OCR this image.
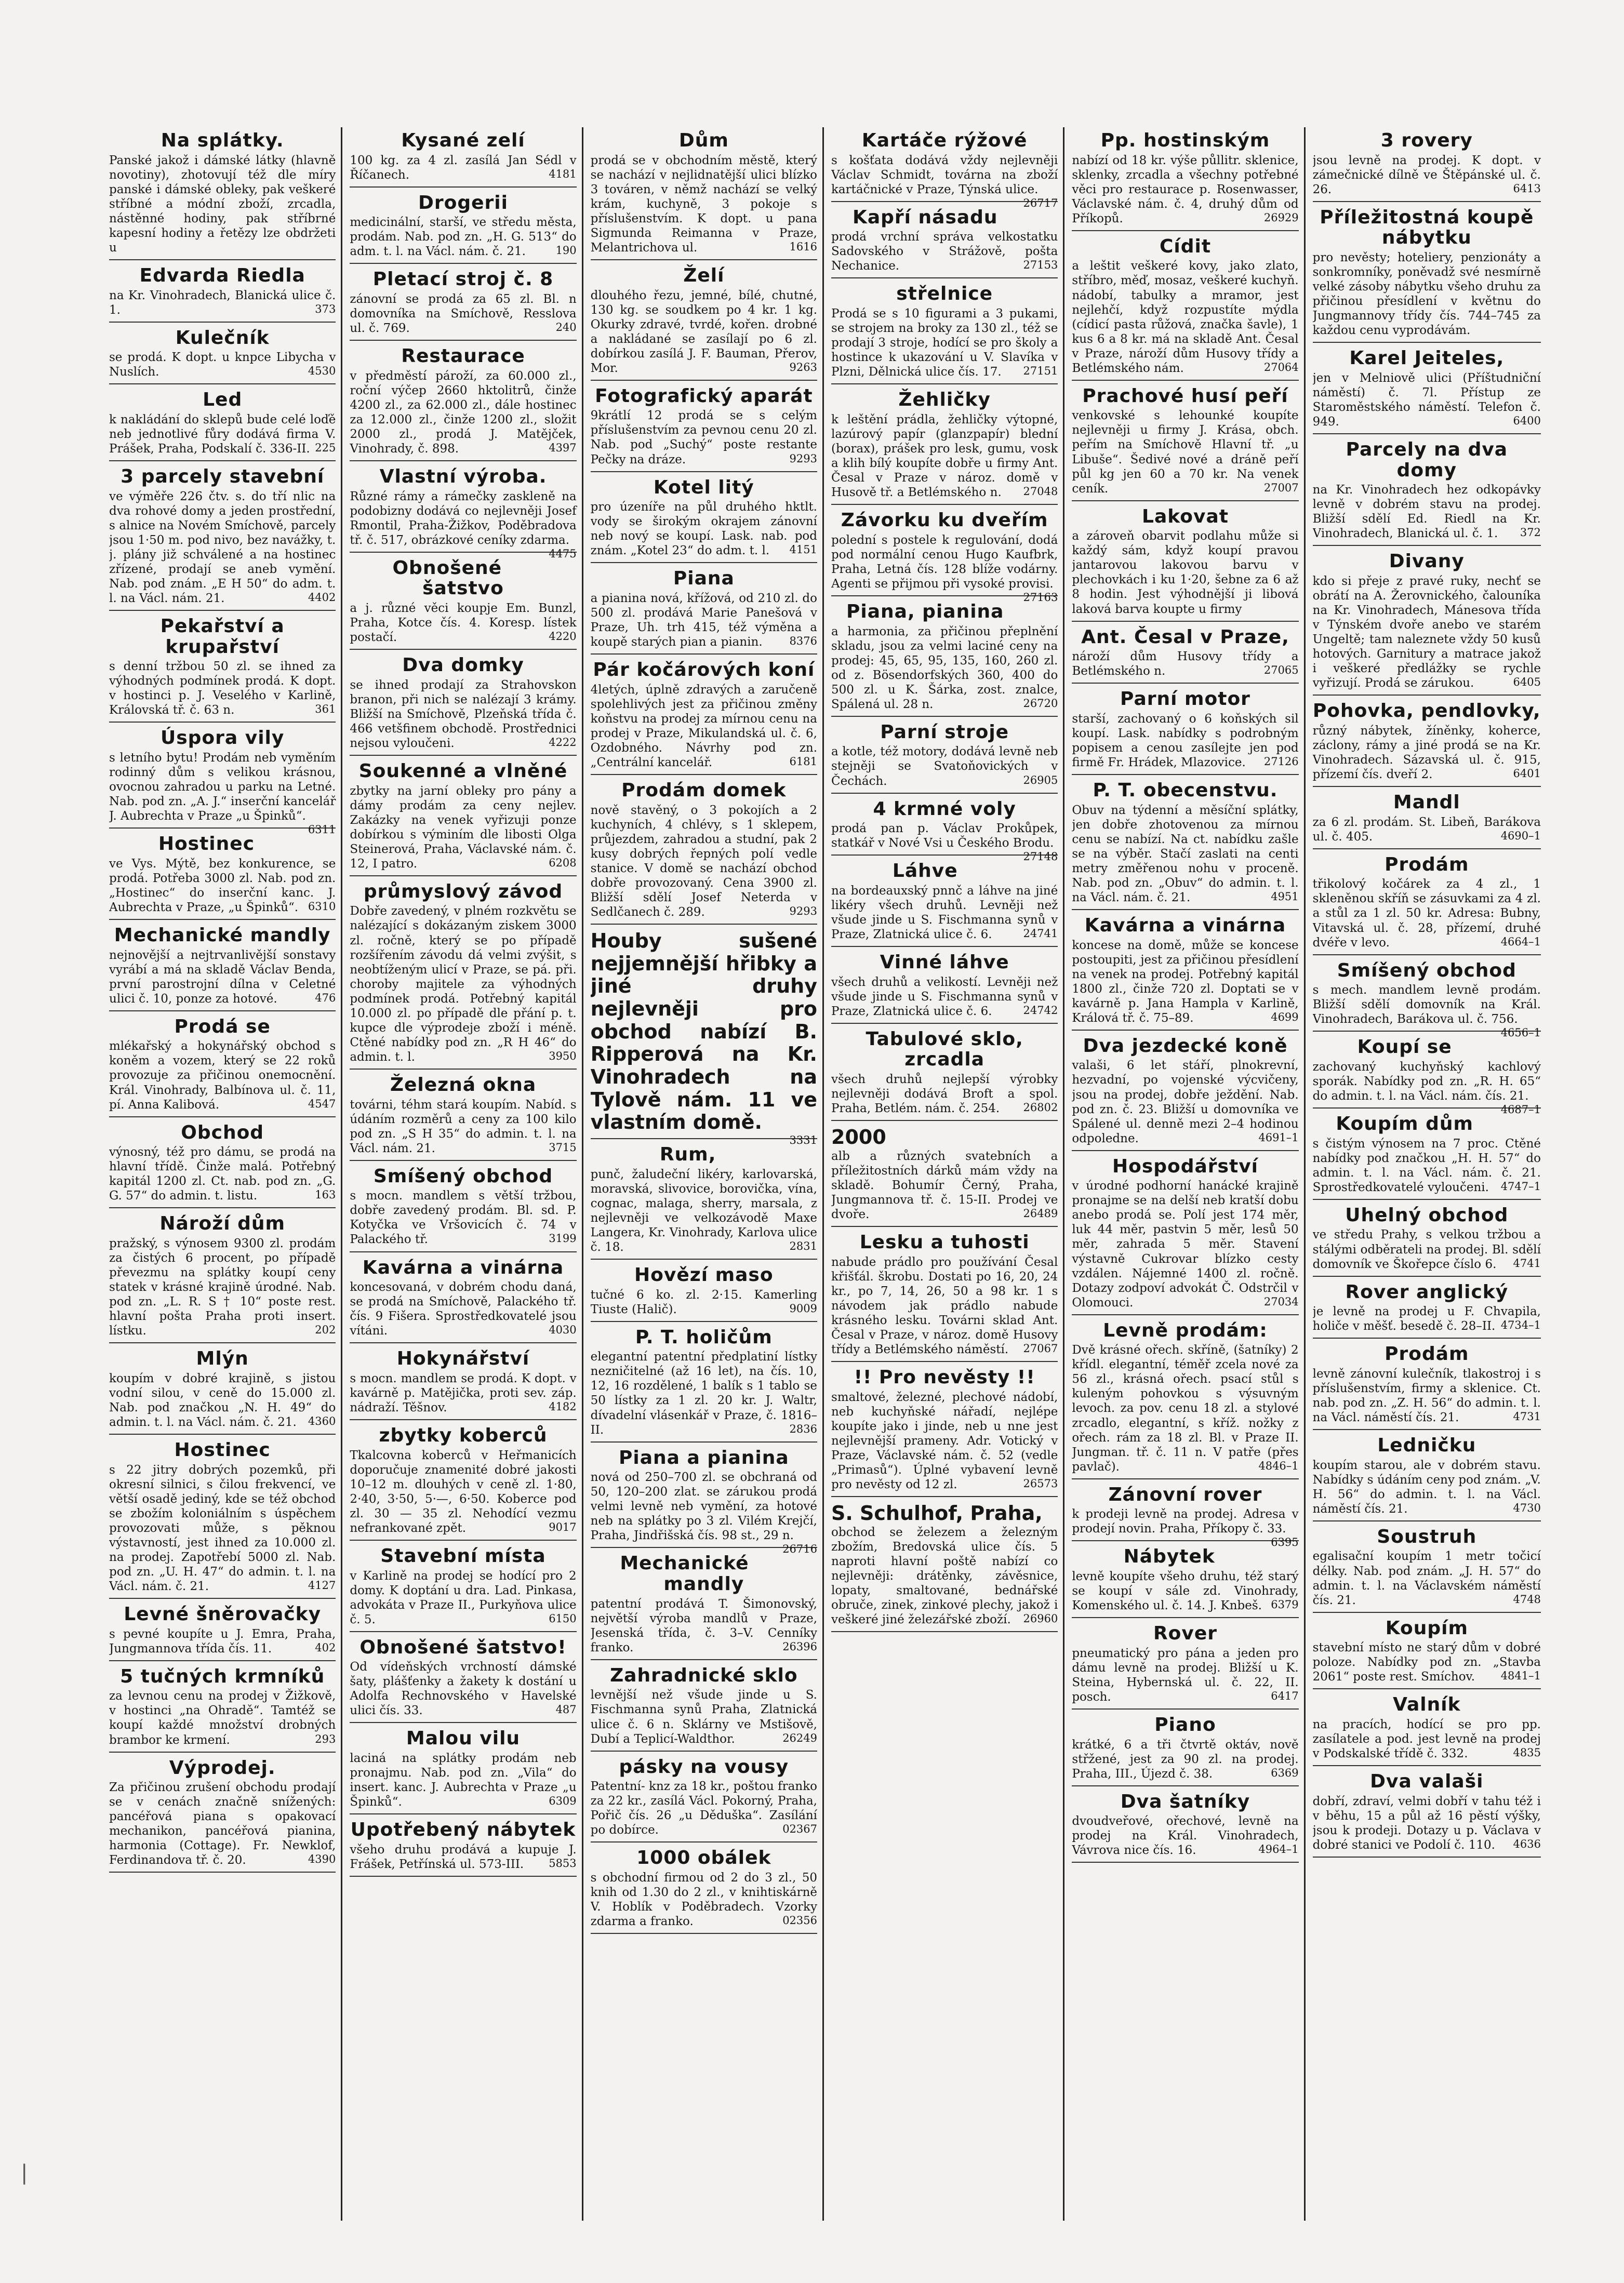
Na splátky.

Panské jakož i dámské látky (hlavně novotiny), zhotovují též dle míry panské i dámské obleky, pak veškeré stříbné a módní zboží, zrcadla, nástěnné hodiny, pak stříbrné kapesní hodiny a řetězy lze obdržeti u

Edvarda Riedla

na Kr. Vinohradech, Blanická ulice č. 1.	373

Kulečník

se prodá. K dopt. u knpce Libycha v Nuslích.	4530

Led

k nakládání do sklepů bude celé loďě neb jednotlivé fůry dodává firma V. Prášek, Praha, Podskalí č. 336-II. 225

3 parcely stavební

ve výměře 226 čtv. s. do tří nlic na dva rohové domy a jeden prostřední, s alnice na Novém Smíchově, parcely jsou 1·50 m. pod nivo, bez navážky, t. j. plány již schválené a na hostinec zřízené, prodají se aneb vymění. Nab. pod znám. „E H 50“ do adm. t. l. na Václ. nám. 21.	4402

Pekařství a krupařství

s denní tržbou 50 zl. se ihned za výhodných podmínek prodá. K dopt. v hostinci p. J. Veselého v Karlině, Královská tř. č. 63 n.	361

Úspora vily

s letního bytu! Prodám neb vyměním rodinný dům s velikou krásnou, ovocnou zahradou u parku na Letné. Nab. pod zn. „A. J.“ inserční kancelář J. Aubrechta v Praze „u Špinků“.
6311

Hostinec

ve Vys. Mýtě, bez konkurence, se prodá. Potřeba 3000 zl. Nab. pod zn. „Hostinec“ do inserční kanc. J. Aubrechta v Praze, „u Špinků“. 6310

Mechanické mandly

nejnovější a nejtrvanlivější sonstavy vyrábí a má na skladě Václav Benda, první parostrojní dílna v Celetné ulici č. 10, ponze za hotové.	476

Prodá se

mlékařský a hokynářský obchod s koněm a vozem, který se 22 roků provozuje za přičinou onemocnění. Král. Vinohrady, Balbínova ul. č. 11, pí. Anna Kalibová.	4547

Obchod

výnosný, též pro dámu, se prodá na hlavní třídě. Činže malá. Potřebný kapitál 1200 zl. Ct. nab. pod zn. „G. G. 57“ do admin. t. listu.	163

Nároží dům

pražský, s výnosem 9300 zl. prodám za čistých 6 procent, po případě převezmu na splátky koupí ceny statek v krásné krajině úrodné. Nab. pod zn. „L. R. S † 10“ poste rest. hlavní pošta Praha proti insert. lístku.	202

Mlýn

koupím v dobré krajině, s jistou vodní silou, v ceně do 15.000 zl. Nab. pod značkou „N. H. 49“ do admin. t. l. na Václ. nám. č. 21. 4360

Hostinec

s 22 jitry dobrých pozemků, při okresní silnici, s čilou frekvencí, ve větší osadě jediný, kde se též obchod se zbožím koloniálním s úspěchem provozovati může, s pěknou výstavností, jest ihned za 10.000 zl. na prodej. Zapotřebí 5000 zl. Nab. pod zn. „U. H. 47“ do admin. t. l. na Václ. nám. č. 21.	4127

Levné šněrovačky

s pevné koupíte u J. Emra, Praha, Jungmannova třída čís. 11.	402

5 tučných krmníků

za levnou cenu na prodej v Žižkově, v hostinci „na Ohradě“. Tamtéž se koupí každé množství drobných brambor ke krmení.	293

Výprodej.

Za přičinou zrušení obchodu prodají se v cenách značně snížených: pancéřová piana s opakovací mechanikon, pancéřová pianina, harmonia (Cottage). Fr. Newklof, Ferdinandova tř. č. 20.	4390

Kysané zelí

100 kg. za 4 zl. zasílá Jan Sédl v Říčanech.	4181

Drogerii

medicinální, starší, ve středu města, prodám. Nab. pod zn. „H. G. 513“ do adm. t. l. na Václ. nám. č. 21.	190

Pletací stroj č. 8

zánovní se prodá za 65 zl. Bl. n domovníka na Smíchově, Resslova ul. č. 769.	240

Restaurace

v předměstí pároží, za 60.000 zl., roční výčep 2660 hktolitrů, činže 4200 zl., za 62.000 zl., dále hostinec za 12.000 zl., činže 1200 zl., složit 2000 zl., prodá J. Matějček, Vinohrady, č. 898.	4397

Vlastní výroba.

Různé rámy a rámečky zaskleně na podobizny dodává co nejlevněji Josef Rmontil, Praha-Žižkov, Poděbradova tř. č. 517, obrázkové ceníky zdarma.
4475

Obnošené šatstvo

a j. různé věci koupje Em. Bunzl, Praha, Kotce čís. 4. Koresp. lístek postačí.	4220

Dva domky

se ihned prodají za Strahovskon branon, při nich se nalézají 3 krámy. Bližší na Smíchově, Plzeňská třída č. 466 vetšfinem obchodě. Prostřednici nejsou vyloučeni.	4222

Soukenné a vlněné

zbytky na jarní obleky pro pány a dámy prodám za ceny nejlev. Zakázky na venek vyřizuji ponze dobírkou s výminím dle libosti Olga Steinerová, Praha, Václavské nám. č. 12, I patro.	6208

průmyslový závod

Dobře zavedený, v plném rozkvětu se nalézající s dokázaným ziskem 3000 zl. ročně, který se po případě rozšířením závodu dá velmi zvýšit, s neobtíženým ulicí v Praze, se pá. při. choroby majitele za výhodných podmínek prodá. Potřebný kapitál 10.000 zl. po případě dle přání p. t. kupce dle výprodeje zboží i méně. Ctěné nabídky pod zn. „R H 46“ do admin. t. l.	3950

Železná okna

továrni, téhm stará koupím. Nabíd. s údáním rozměrů a ceny za 100 kilo pod zn. „S H 35“ do admin. t. l. na Václ. nám. 21.	3715

Smíšený obchod

s mocn. mandlem s větší tržbou, dobře zavedený prodám. Bl. sd. P. Kotyčka ve Vršovicích č. 74 v Palackého tř.	3199

Kavárna a vinárna

koncesovaná, v dobrém chodu daná, se prodá na Smíchově, Palackého tř. čís. 9 Fišera. Sprostředkovatelé jsou vítáni.	4030

Hokynářství

s mocn. mandlem se prodá. K dopt. v kavárně p. Matějička, proti sev. záp. nádraží. Těšnov.	4182

zbytky koberců

Tkalcovna koberců v Heřmanicích doporučuje znamenité dobré jakosti 10–12 m. dlouhých v ceně zl. 1·80, 2·40, 3·50, 5·—, 6·50. Koberce pod zl. 30 — 35 zl. Nehodící vezmu nefrankované zpět.	9017

Stavební místa

v Karlině na prodej se hodící pro 2 domy. K doptání u dra. Lad. Pinkasa, advokáta v Praze II., Purkyňova ulice č. 5.	6150

Obnošené šatstvo!

Od vídeňských vrchností dámské šaty, plášťenky a žakety k dostání u Adolfa Rechnovského v Havelské ulici čís. 33.	487

Malou vilu

laciná na splátky prodám neb pronajmu. Nab. pod zn. „Vila“ do insert. kanc. J. Aubrechta v Praze „u Špinků“.	6309

Upotřebený nábytek

všeho druhu prodává a kupuje J. Frášek, Petřínská ul. 573-III. 5853

Dům

prodá se v obchodním městě, který se nachází v nejlidnatější ulici blízko 3 továren, v němž nachází se velký krám, kuchyně, 3 pokoje s příslušenstvím. K dopt. u pana Sigmunda Reimanna v Praze, Melantrichova ul.	1616

Želí

dlouhého řezu, jemné, bílé, chutné, 130 kg. se soudkem po 4 kr. 1 kg. Okurky zdravé, tvrdé, kořen. drobné a nakládané se zasílají po 6 zl. dobírkou zasílá J. F. Bauman, Přerov, Mor.	9263

Fotografický aparát

9krátlí 12 prodá se s celým příslušenstvím za pevnou cenu 20 zl. Nab. pod „Suchý“ poste restante Pečky na dráze.	9293

Kotel litý

pro úzeníře na půl druhého hktlt. vody se širokým okrajem zánovní neb nový se koupí. Lask. nab. pod znám. „Kotel 23“ do adm. t. l. 4151

Piana

a pianina nová, křížová, od 210 zl. do 500 zl. prodává Marie Panešová v Praze, Uh. trh 415, též výměna a koupě starých pian a pianin. 8376

Pár kočárových koní

4letých, úplně zdravých a zaručeně spolehlivých jest za přičinou změny koňstvu na prodej za mírnou cenu na prodej v Praze, Mikulandská ul. č. 6, Ozdobného. Návrhy pod zn. „Centrální kancelář.	6181

Prodám domek

nově stavěný, o 3 pokojích a 2 kuchyních, 4 chlévy, s 1 sklepem, průjezdem, zahradou a studní, pak 2 kusy dobrých řepných polí vedle stanice. V domě se nachází obchod dobře provozovaný. Cena 3900 zl. Bližší sdělí Josef Neterda v Sedlčanech č. 289.	9293

Houby sušené nejjemnější hřibky a jiné druhy nejlevněji pro obchod nabízí B. Ripperová na Kr. Vinohradech na Tylově nám. 11 ve vlastním domě.

3331

Rum,

punč, žaludeční likéry, karlovarská, moravská, slivovice, borovička, vína, cognac, malaga, sherry, marsala, z nejlevněji ve velkozávodě Maxe Langera, Kr. Vinohrady, Karlova ulice č. 18.	2831

Hovězí maso

tučné 6 ko. zl. 2·15. Kamerling Tiuste (Halič).	9009

P. T. holičům

elegantní patentní předplatiní lístky nezničitelné (až 16 let), na čís. 10, 12, 16 rozdělené, 1 balík s 1 tablo se 50 lístky za 1 zl. 20 kr. J. Waltr, dívadelní vlásenkář v Praze, č. 1816–II.	2836

Piana a pianina

nová od 250–700 zl. se obchraná od 50, 120–200 zlat. se zárukou prodá velmi levně neb vymění, za hotové neb na splátky po 3 zl. Vilém Krejčí, Praha, Jindřišská čís. 98 st., 29 n.
26716

Mechanické mandly

patentní prodává T. Šimonovský, největší výroba mandlů v Praze, Jesenská třída, č. 3–V. Cenníky franko.	26396

Zahradnické sklo

levnější než všude jinde u S. Fischmanna synů Praha, Zlatnická ulice č. 6 n. Sklárny ve Mstišově, Dubí a Teplicí-Waldthor.	26249

pásky na vousy

Patentní- knz za 18 kr., poštou franko za 22 kr., zasílá Václ. Pokorný, Praha, Pořič čís. 26 „u Děduška“. Zasílání po dobírce.	02367

1000 obálek

s obchodní firmou od 2 do 3 zl., 50 knih od 1.30 do 2 zl., v knihtiskárně V. Hoblík v Poděbradech. Vzorky zdarma a franko.	02356

Kartáče rýžové

s košťata dodává vždy nejlevněji Václav Schmidt, továrna na zboží kartáčnické v Praze, Týnská ulice.
26717

Kapří násadu

prodá vrchní správa velkostatku Sadovského v Strážově, pošta Nechanice.	27153

střelnice

Prodá se s 10 figurami a 3 pukami, se strojem na broky za 130 zl., též se prodají 3 stroje, hodící se pro školy a hostince k ukazování u V. Slavíka v Plzni, Dělnická ulice čís. 17. 27151

Žehličky

k leštění prádla, žehličky výtopné, lazúrový papír (glanzpapír) blední (borax), prášek pro lesk, gumu, vosk a klih bílý koupíte dobře u firmy Ant. Česal v Praze v nároz. domě v Husově tř. a Betlémského n. 27048

Závorku ku dveřím

polední s postele k regulování, dodá pod normální cenou Hugo Kaufbrk, Praha, Letná čís. 128 blíže vodárny. Agenti se přijmou při vysoké provisi.
27163

Piana, pianina

a harmonia, za přičinou přeplnění skladu, jsou za velmi laciné ceny na prodej: 45, 65, 95, 135, 160, 260 zl. od z. Bösendorfských 360, 400 do 500 zl. u K. Šárka, zost. znalce, Spálená ul. 28 n.	26720

Parní stroje

a kotle, též motory, dodává levně neb stejněji se Svatoňovických v Čechách.	26905

4 krmné voly

prodá pan p. Václav Prokůpek, statkář v Nové Vsi u Českého Brodu.
27148

Láhve

na bordeauxský pnnč a láhve na jiné likéry všech druhů. Levněji než všude jinde u S. Fischmanna synů v Praze, Zlatnická ulice č. 6.	24741

Vinné láhve

všech druhů a velikostí. Levněji než všude jinde u S. Fischmanna synů v Praze, Zlatnická ulice č. 6.	24742

Tabulové sklo, zrcadla

všech druhů nejlepší výrobky nejlevněji dodává Broft a spol. Praha, Betlém. nám. č. 254. 26802

2000

alb a různých svatebních a příležitostních dárků mám vždy na skladě. Bohumír Černý, Praha, Jungmannova tř. č. 15-II. Prodej ve dvoře.	26489

Lesku a tuhosti

nabude prádlo pro používání Česal křišťál. škrobu. Dostati po 16, 20, 24 kr., po 7, 14, 26, 50 a 98 kr. 1 s návodem jak prádlo nabude krásného lesku. Továrni sklad Ant. Česal v Praze, v nároz. domě Husovy třídy a Betlémského náměstí. 27067

!! Pro nevěsty !!

smaltové, železné, plechové nádobí, neb kuchyňské nářadí, nejlépe koupíte jako i jinde, neb u nne jest nejlevnější prameny. Adr. Votický v Praze, Václavské nám. č. 52 (vedle „Primasů“). Úplné vybavení levně pro nevěsty od 12 zl.	26573

S. Schulhof, Praha,

obchod se železem a železným zbožím, Bredovská ulice čís. 5 naproti hlavní poště nabízí co nejlevněji: drátěnky, závěsnice, lopaty, smaltované, bednářské obruče, zinek, zinkové plechy, jakož i veškeré jiné železářské zboží. 26960

Pp. hostinským

nabízí od 18 kr. výše půllitr. sklenice, sklenky, zrcadla a všechny potřebné věci pro restaurace p. Rosenwasser, Václavské nám. č. 4, druhý dům od Příkopů.	26929

Cídit

a leštit veškeré kovy, jako zlato, stříbro, měď, mosaz, veškeré kuchyň. nádobí, tabulky a mramor, jest nejlehčí, když rozpustíte mýdla (cídicí pasta růžová, značka šavle), 1 kus 6 a 8 kr. má na skladě Ant. Česal v Praze, nároží dům Husovy třídy a Betlémského nám.	27064

Prachové husí peří

venkovské s lehounké koupíte nejlevněji u firmy J. Krása, obch. peřím na Smíchově Hlavní tř. „u Libuše“. Šedivé nové a dráně peří půl kg jen 60 a 70 kr. Na venek ceník.	27007

Lakovat

a zároveň obarvit podlahu může si každý sám, když koupí pravou jantarovou lakovou barvu v plechovkách i ku 1·20, šebne za 6 až 8 hodin. Jest výhodnější ji libová laková barva koupte u firmy

Ant. Česal v Praze,

nároží dům Husovy třídy a Betlémského n.	27065

Parní motor

starší, zachovaný o 6 koňských sil koupí. Lask. nabídky s podrobným popisem a cenou zasílejte jen pod firmě Fr. Hrádek, Mlazovice. 27126

P. T. obecenstvu.

Obuv na týdenní a měsíční splátky, jen dobře zhotovenou za mírnou cenu se nabízí. Na ct. nabídku zašle se na výběr. Stačí zaslati na centi metry změřenou nohu v proceně. Nab. pod zn. „Obuv“ do admin. t. l. na Václ. nám. č. 21.	4951

Kavárna a vinárna

koncese na domě, může se koncese postoupiti, jest za přičinou přesídlení na venek na prodej. Potřebný kapitál 1800 zl., činže 720 zl. Doptati se v kavárně p. Jana Hampla v Karlině, Králová tř. č. 75–89.	4699

Dva jezdecké koně

valaši, 6 let stáří, plnokrevní, hezvadní, po vojenské výcvičeny, jsou na prodej, dobře ježdění. Nab. pod zn. č. 23. Bližší u domovníka ve Spálené ul. denně mezi 2–4 hodinou odpoledne.	4691–1

Hospodářství

v úrodné podhorní hanácké krajině pronajme se na delší neb kratší dobu anebo prodá se. Polí jest 174 měr, luk 44 měr, pastvin 5 měr, lesů 50 měr, zahrada 5 měr. Stavení výstavně Cukrovar blízko cesty vzdálen. Nájemné 1400 zl. ročně. Dotazy zodpoví advokát Č. Odstrčil v Olomouci.	27034

Levně prodám:

Dvě krásné ořech. skříně, (šatníky) 2 křídl. elegantní, téměř zcela nové za 56 zl., krásná ořech. psací stůl s kuleným pohovkou s výsuvným levoch. za pov. cenu 18 zl. a stylové zrcadlo, elegantní, s kříž. nožky z ořech. rám za 18 zl. Bl. v Praze II. Jungman. tř. č. 11 n. V patře (přes pavlač).	4846–1

Zánovní rover

k prodeji levně na prodej. Adresa v prodejí novin. Praha, Příkopy č. 33.
6395

Nábytek

levně koupíte všeho druhu, též starý se koupí v sále zd. Vinohrady, Komenského ul. č. 14. J. Knbeš. 6379

Rover

pneumatický pro pána a jeden pro dámu levně na prodej. Bližší u K. Steina, Hybernská ul. č. 22, II. posch.	6417

Piano

krátké, 6 a tři čtvrtě oktáv, nově střžené, jest za 90 zl. na prodej. Praha, III., Újezd č. 38.	6369

Dva šatníky

dvoudveřové, ořechové, levně na prodej na Král. Vinohradech, Vávrova nice čís. 16.	4964–1

3 rovery

jsou levně na prodej. K dopt. v zámečnické dílně ve Štěpánské ul. č. 26.	6413

Příležitostná koupě nábytku

pro nevěsty; hoteliery, penzionáty a sonkromníky, poněvadž své nesmírně velké zásoby nábytku všeho druhu za přičinou přesídlení v květnu do Jungmannovy třídy čís. 744–745 za každou cenu vyprodávám.

Karel Jeiteles,

jen v Melniově ulici (Příštudniční náměstí) č. 7l. Přístup ze Staroměstského náměstí. Telefon č. 949.	6400

Parcely na dva domy

na Kr. Vinohradech hez odkopávky levně v dobrém stavu na prodej. Bližší sdělí Ed. Riedl na Kr. Vinohradech, Blanická ul. č. 1. 372

Divany

kdo si přeje z pravé ruky, nechť se obrátí na A. Žerovnického, čalouníka na Kr. Vinohradech, Mánesova třída v Týnském dvoře anebo ve starém Ungeltě; tam naleznete vždy 50 kusů hotových. Garnitury a matrace jakož i veškeré předlážky se rychle vyřizují. Prodá se zárukou.	6405

Pohovka, pendlovky,

různý nábytek, žíněnky, koherce, záclony, rámy a jiné prodá se na Kr. Vinohradech. Sázavská ul. č. 915, přízemí čís. dveří 2.	6401

Mandl

za 6 zl. prodám. St. Libeň, Barákova ul. č. 405.	4690–1

Prodám

třikolový kočárek za 4 zl., 1 skleněnou skříň se zásuvkami za 4 zl. a stůl za 1 zl. 50 kr. Adresa: Bubny, Vitavská ul. č. 28, přízemí, druhé dvéře v levo.	4664–1

Smíšený obchod

s mech. mandlem levně prodám. Bližší sdělí domovník na Král. Vinohradech, Barákova ul. č. 756.
4656–1

Koupí se

zachovaný kuchyňský kachlový sporák. Nabídky pod zn. „R. H. 65“ do admin. t. l. na Václ. nám. čís. 21.
4687–1

Koupím dům

s čistým výnosem na 7 proc. Ctěné nabídky pod značkou „H. H. 57“ do admin. t. l. na Václ. nám. č. 21. Sprostředkovatelé vyloučeni. 4747–1

Uhelný obchod

ve středu Prahy, s velkou tržbou a stálými odběrateli na prodej. Bl. sdělí domovník ve Škořepce číslo 6. 4741

Rover anglický

je levně na prodej u F. Chvapila, holiče v měšť. besedě č. 28–II. 4734–1

Prodám

levně zánovní kulečník, tlakostroj i s příslušenstvím, firmy a sklenice. Ct. nab. pod zn. „Z. H. 56“ do admin. t. l. na Václ. náměstí čís. 21.	4731

Ledničku

koupím starou, ale v dobrém stavu. Nabídky s údáním ceny pod znám. „V. H. 56“ do admin. t. l. na Václ. náměstí čís. 21.	4730

Soustruh

egalisační koupím 1 metr točicí délky. Nab. pod znám. „J. H. 57“ do admin. t. l. na Václavském náměstí čís. 21.	4748

Koupím

stavební místo ne starý dům v dobré poloze. Nabídky pod zn. „Stavba 2061“ poste rest. Smíchov. 4841–1

Valník

na pracích, hodící se pro pp. zasílatele a pod. jest levně na prodej v Podskalské třídě č. 332.	4835

Dva valaši

dobří, zdraví, velmi dobří v tahu též i v běhu, 15 a půl až 16 pěstí výšky, jsou k prodeji. Dotazy u p. Václava v dobré stanici ve Podolí č. 110. 4636

|
